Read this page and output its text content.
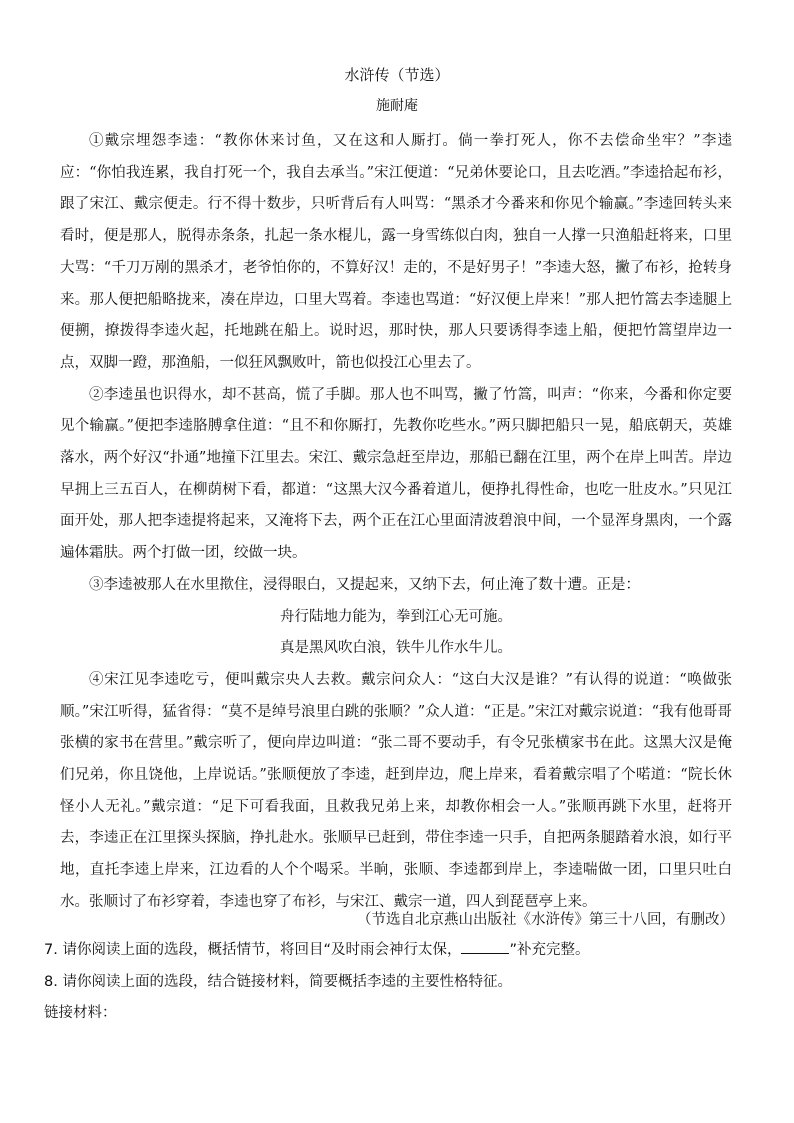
水浒传（节选）
施耐庵

①戴宗埋怨李逵：“教你休来讨鱼，又在这和人厮打。倘一拳打死人，你不去偿命坐牢？”李逵应：“你怕我连累，我自打死一个，我自去承当。”宋江便道：“兄弟休要论口，且去吃酒。”李逵拾起布衫，跟了宋江、戴宗便走。行不得十数步，只听背后有人叫骂：“黑杀才今番来和你见个输赢。”李逵回转头来看时，便是那人，脱得赤条条，扎起一条水棍儿，露一身雪练似白肉，独自一人撑一只渔船赶将来，口里大骂：“千刀万剐的黑杀才，老爷怕你的，不算好汉！走的，不是好男子！”李逵大怒，撇了布衫，抢转身来。那人便把船略拢来，凑在岸边，口里大骂着。李逵也骂道：“好汉便上岸来！”那人把竹篙去李逵腿上便搠，撩拨得李逵火起，托地跳在船上。说时迟，那时快，那人只要诱得李逵上船，便把竹篙望岸边一点，双脚一蹬，那渔船，一似狂风飘败叶，箭也似投江心里去了。

②李逵虽也识得水，却不甚高，慌了手脚。那人也不叫骂，撇了竹篙，叫声：“你来，今番和你定要见个输赢。”便把李逵胳膊拿住道：“且不和你厮打，先教你吃些水。”两只脚把船只一晃，船底朝天，英雄落水，两个好汉“扑通”地撞下江里去。宋江、戴宗急赶至岸边，那船已翻在江里，两个在岸上叫苦。岸边早拥上三五百人，在柳荫树下看，都道：“这黑大汉今番着道儿，便挣扎得性命，也吃一肚皮水。”只见江面开处，那人把李逵提将起来，又淹将下去，两个正在江心里面清波碧浪中间，一个显浑身黑肉，一个露遍体霜肤。两个打做一团，绞做一块。

③李逵被那人在水里揿住，浸得眼白，又提起来，又纳下去，何止淹了数十遭。正是：

舟行陆地力能为，拳到江心无可施。

真是黑风吹白浪，铁牛儿作水牛儿。

④宋江见李逵吃亏，便叫戴宗央人去救。戴宗问众人：“这白大汉是谁？”有认得的说道：“唤做张顺。”宋江听得，猛省得：“莫不是绰号浪里白跳的张顺？”众人道：“正是。”宋江对戴宗说道：“我有他哥哥张横的家书在营里。”戴宗听了，便向岸边叫道：“张二哥不要动手，有令兄张横家书在此。这黑大汉是俺们兄弟，你且饶他，上岸说话。”张顺便放了李逵，赶到岸边，爬上岸来，看着戴宗唱了个喏道：“院长休怪小人无礼。”戴宗道：“足下可看我面，且救我兄弟上来，却教你相会一人。”张顺再跳下水里，赶将开去，李逵正在江里探头探脑，挣扎赴水。张顺早已赶到，带住李逵一只手，自把两条腿踏着水浪，如行平地，直托李逵上岸来，江边看的人个个喝采。半晌，张顺、李逵都到岸上，李逵喘做一团，口里只吐白水。张顺讨了布衫穿着，李逵也穿了布衫，与宋江、戴宗一道，四人到琵琶亭上来。

（节选自北京燕山出版社《水浒传》第三十八回，有删改）
7. 请你阅读上面的选段，概括情节，将回目“及时雨会神行太保，	”补充完整。
8. 请你阅读上面的选段，结合链接材料，简要概括李逵的主要性格特征。
链接材料：
